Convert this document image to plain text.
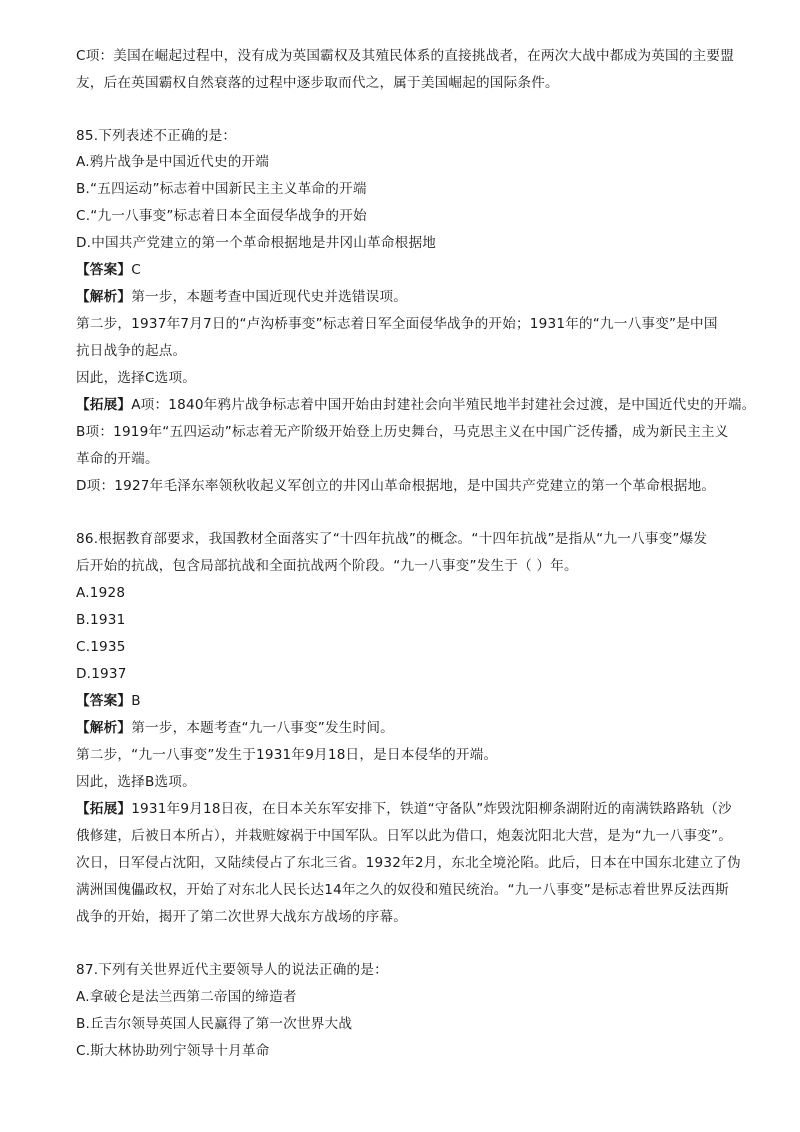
C项：美国在崛起过程中，没有成为英国霸权及其殖民体系的直接挑战者，在两次大战中都成为英国的主要盟
友，后在英国霸权自然衰落的过程中逐步取而代之，属于美国崛起的国际条件。
85.下列表述不正确的是：
A.鸦片战争是中国近代史的开端
B.“五四运动”标志着中国新民主主义革命的开端
C.“九一八事变”标志着日本全面侵华战争的开始
D.中国共产党建立的第一个革命根据地是井冈山革命根据地
【答案】C
【解析】第一步，本题考查中国近现代史并选错误项。
第二步，1937年7月7日的“卢沟桥事变”标志着日军全面侵华战争的开始；1931年的“九一八事变”是中国
抗日战争的起点。
因此，选择C选项。
【拓展】A项：1840年鸦片战争标志着中国开始由封建社会向半殖民地半封建社会过渡，是中国近代史的开端。
B项：1919年“五四运动”标志着无产阶级开始登上历史舞台，马克思主义在中国广泛传播，成为新民主主义
革命的开端。
D项：1927年毛泽东率领秋收起义军创立的井冈山革命根据地，是中国共产党建立的第一个革命根据地。
86.根据教育部要求，我国教材全面落实了“十四年抗战”的概念。“十四年抗战”是指从“九一八事变”爆发
后开始的抗战，包含局部抗战和全面抗战两个阶段。“九一八事变”发生于（ ）年。
A.1928
B.1931
C.1935
D.1937
【答案】B
【解析】第一步，本题考查“九一八事变”发生时间。
第二步，“九一八事变”发生于1931年9月18日，是日本侵华的开端。
因此，选择B选项。
【拓展】1931年9月18日夜，在日本关东军安排下，铁道“守备队”炸毁沈阳柳条湖附近的南满铁路路轨（沙
俄修建，后被日本所占），并栽赃嫁祸于中国军队。日军以此为借口，炮轰沈阳北大营，是为“九一八事变”。
次日，日军侵占沈阳，又陆续侵占了东北三省。1932年2月，东北全境沦陷。此后，日本在中国东北建立了伪
满洲国傀儡政权，开始了对东北人民长达14年之久的奴役和殖民统治。“九一八事变”是标志着世界反法西斯
战争的开始，揭开了第二次世界大战东方战场的序幕。
87.下列有关世界近代主要领导人的说法正确的是：
A.拿破仑是法兰西第二帝国的缔造者
B.丘吉尔领导英国人民赢得了第一次世界大战
C.斯大林协助列宁领导十月革命
